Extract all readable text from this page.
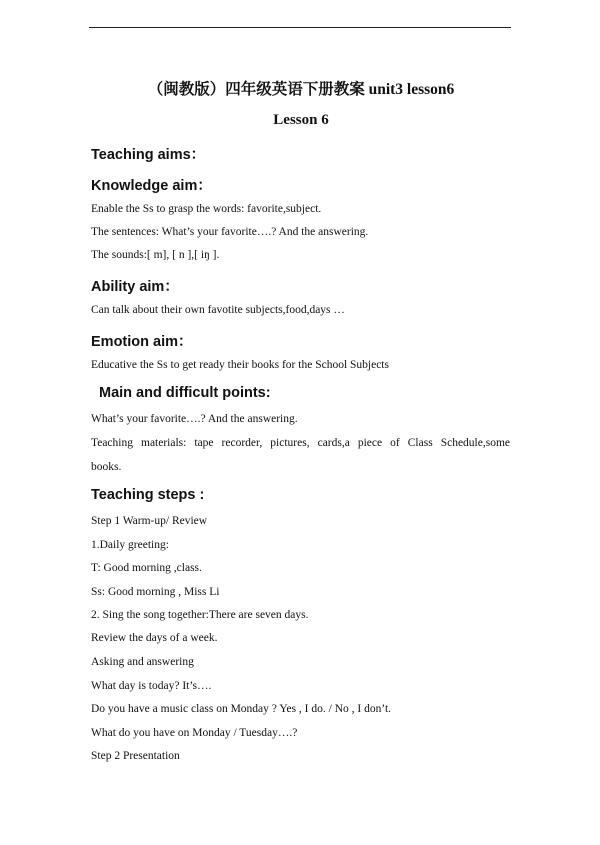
（闽教版）四年级英语下册教案 unit3 lesson6
Lesson 6
Teaching aims：
Knowledge aim：
Enable the Ss to grasp the words: favorite,subject.
The sentences: What’s your favorite….? And the answering.
The sounds:[ m], [ n ],[ iŋ ].
Ability aim：
Can talk about their own favotite subjects,food,days …
Emotion aim：
Educative the Ss to get ready their books for the School Subjects
Main and difficult points:
What’s your favorite….? And the answering.
Teaching materials: tape recorder, pictures, cards,a piece of Class Schedule,some
books.
Teaching steps :
Step 1 Warm-up/ Review
1.Daily greeting:
T: Good morning ,class.
Ss: Good morning , Miss Li
2. Sing the song together:There are seven days.
Review the days of a week.
Asking and answering
What day is today? It’s….
Do you have a music class on Monday ? Yes , I do. / No , I don’t.
What do you have on Monday / Tuesday….?
Step 2 Presentation
